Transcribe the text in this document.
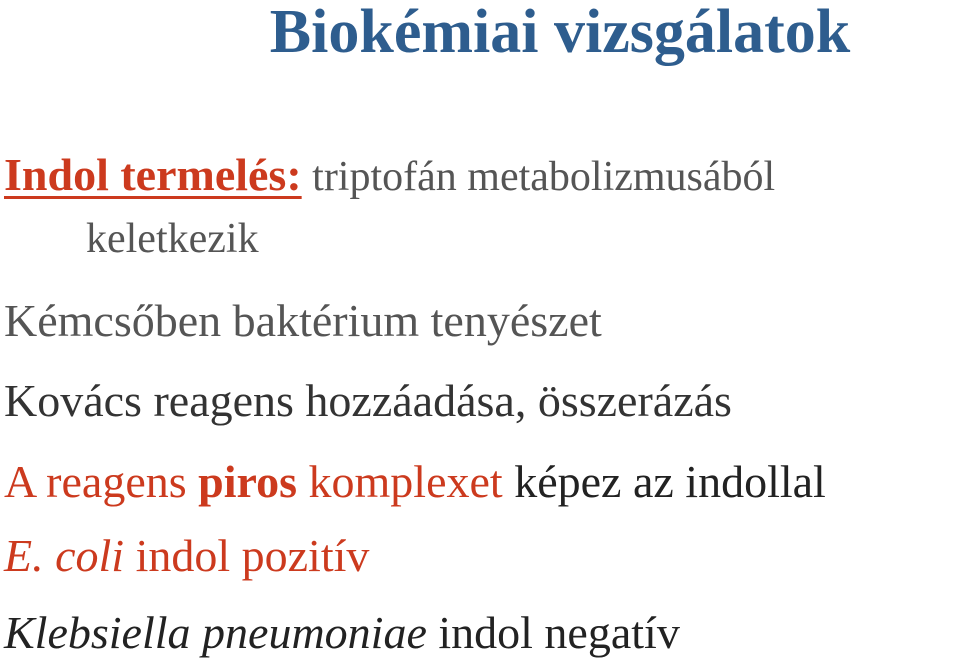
Biokémiai vizsgálatok
Indol termelés: triptofán metabolizmusából
keletkezik
Kémcsőben baktérium tenyészet
Kovács reagens hozzáadása, összerázás
A reagens piros komplexet képez az indollal
E. coli indol pozitív
Klebsiella pneumoniae indol negatív
